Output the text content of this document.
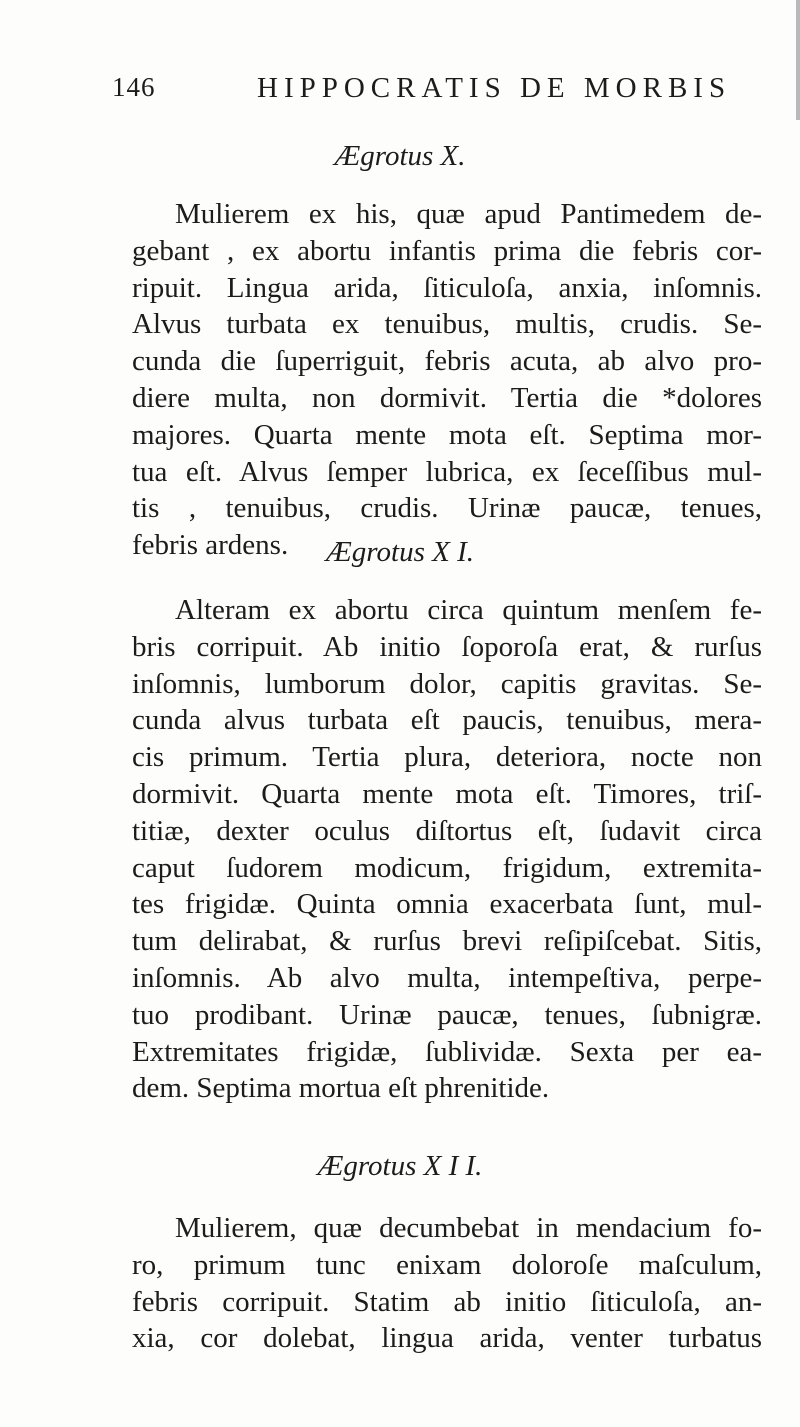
146	HIPPOCRATIS DE MORBIS
Ægrotus X.
Mulierem ex his, quæ apud Pantimedem de-
gebant , ex abortu infantis prima die febris cor-
ripuit. Lingua arida, ſiticuloſa, anxia, inſomnis.
Alvus turbata ex tenuibus, multis, crudis. Se-
cunda die ſuperriguit, febris acuta, ab alvo pro-
diere multa, non dormivit. Tertia die *dolores
majores. Quarta mente mota eſt. Septima mor-
tua eſt. Alvus ſemper lubrica, ex ſeceſſibus mul-
tis , tenuibus, crudis. Urinæ paucæ, tenues,
febris ardens.	Ægrotus X I.
Alteram ex abortu circa quintum menſem fe-
bris corripuit. Ab initio ſoporoſa erat, & rurſus
inſomnis, lumborum dolor, capitis gravitas. Se-
cunda alvus turbata eſt paucis, tenuibus, mera-
cis primum. Tertia plura, deteriora, nocte non
dormivit. Quarta mente mota eſt. Timores, triſ-
titiæ, dexter oculus diſtortus eſt, ſudavit circa
caput ſudorem modicum, frigidum, extremita-
tes frigidæ. Quinta omnia exacerbata ſunt, mul-
tum delirabat, & rurſus brevi reſipiſcebat. Sitis,
inſomnis. Ab alvo multa, intempeſtiva, perpe-
tuo prodibant. Urinæ paucæ, tenues, ſubnigræ.
Extremitates frigidæ, ſublividæ. Sexta per ea-
dem. Septima mortua eſt phrenitide.
Ægrotus X I I.
Mulierem, quæ decumbebat in mendacium fo-
ro, primum tunc enixam doloroſe maſculum,
febris corripuit. Statim ab initio ſiticuloſa, an-
xia, cor dolebat, lingua arida, venter turbatus
